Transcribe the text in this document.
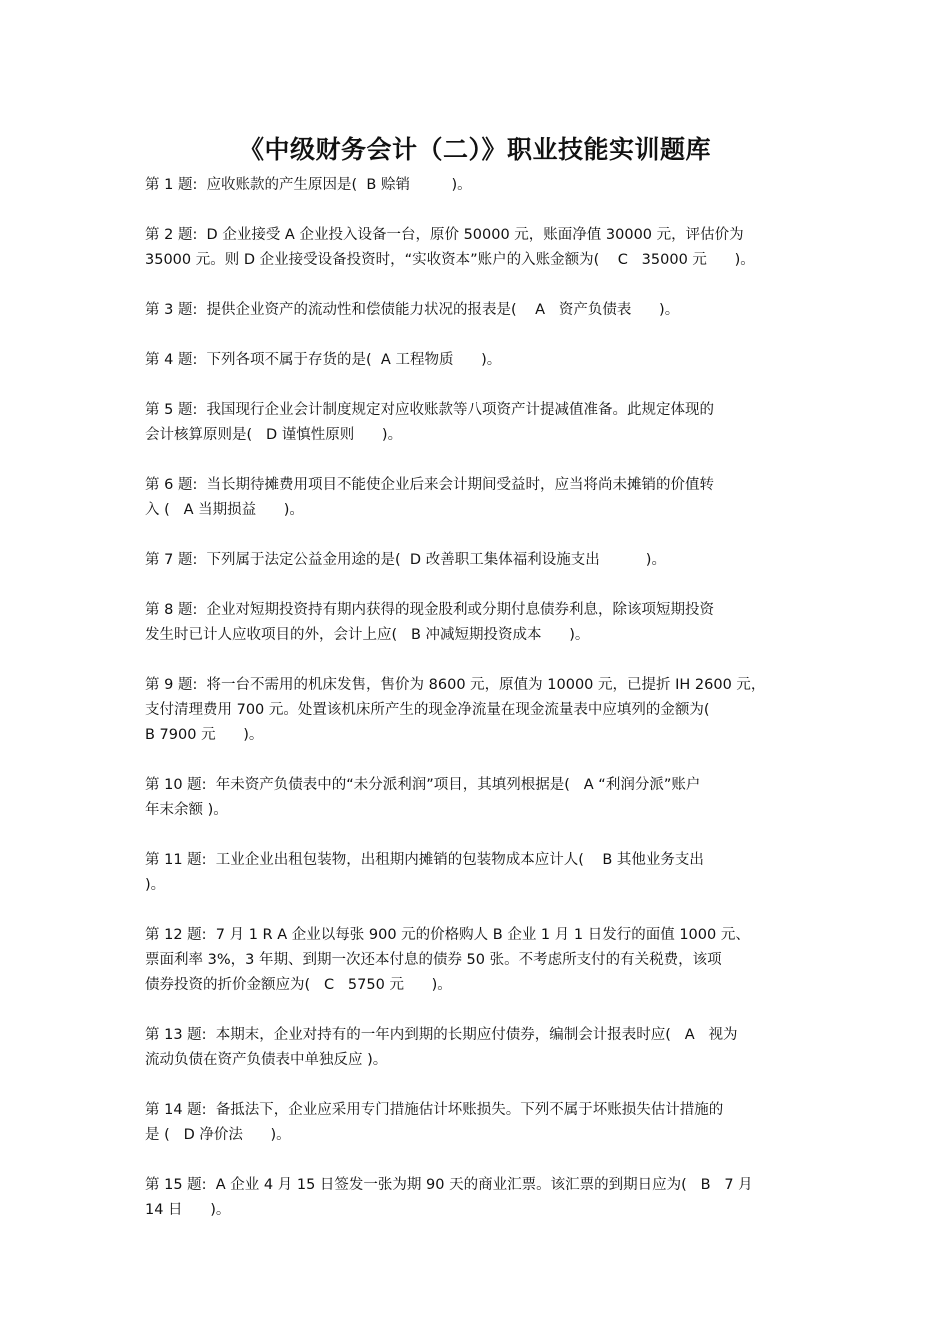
《中级财务会计（二）》职业技能实训题库
第 1 题:  应收账款的产生原因是(  B 赊销         )。
第 2 题:  D 企业接受 A 企业投入设备一台，原价 50000 元，账面净值 30000 元，评估价为
35000 元。则 D 企业接受设备投资时，“实收资本”账户的入账金额为(    C   35000 元      )。
第 3 题:  提供企业资产的流动性和偿债能力状况的报表是(    A   资产负债表      )。
第 4 题:  下列各项不属于存货的是(  A 工程物质      )。
第 5 题:  我国现行企业会计制度规定对应收账款等八项资产计提减值准备。此规定体现的
会计核算原则是(   D 谨慎性原则      )。
第 6 题:  当长期待摊费用项目不能使企业后来会计期间受益时，应当将尚未摊销的价值转
入 (   A 当期损益      )。
第 7 题:  下列属于法定公益金用途的是(  D 改善职工集体福利设施支出          )。
第 8 题:  企业对短期投资持有期内获得的现金股利或分期付息债券利息，除该项短期投资
发生时已计人应收项目的外，会计上应(   B 冲减短期投资成本      )。
第 9 题:  将一台不需用的机床发售，售价为 8600 元，原值为 10000 元，已提折 IH 2600 元，
支付清理费用 700 元。处置该机床所产生的现金净流量在现金流量表中应填列的金额为(
B 7900 元      )。
第 10 题:  年未资产负债表中的“未分派利润”项目，其填列根据是(   A “利润分派”账户
年末余额 )。
第 11 题:  工业企业出租包装物，出租期内摊销的包装物成本应计人(    B 其他业务支出
)。
第 12 题:  7 月 1 R A 企业以每张 900 元的价格购人 B 企业 1 月 1 日发行的面值 1000 元、
票面利率 3%，3 年期、到期一次还本付息的债券 50 张。不考虑所支付的有关税费，该项
债券投资的折价金额应为(   C   5750 元      )。
第 13 题:  本期末，企业对持有的一年内到期的长期应付债券，编制会计报表时应(   A   视为
流动负债在资产负债表中单独反应 )。
第 14 题:  备抵法下，企业应采用专门措施估计坏账损失。下列不属于坏账损失估计措施的
是 (   D 净价法      )。
第 15 题:  A 企业 4 月 15 日签发一张为期 90 天的商业汇票。该汇票的到期日应为(   B   7 月
14 日      )。
